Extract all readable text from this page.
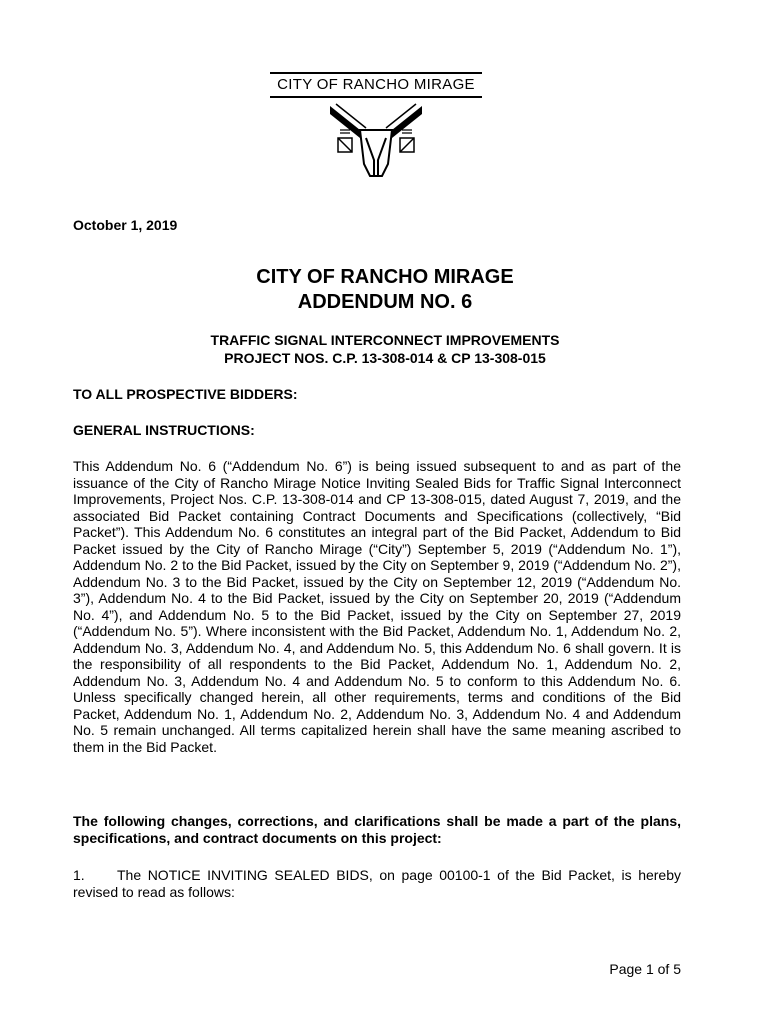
CITY OF RANCHO MIRAGE
October 1, 2019
CITY OF RANCHO MIRAGE
ADDENDUM NO. 6
TRAFFIC SIGNAL INTERCONNECT IMPROVEMENTS
PROJECT NOS. C.P. 13-308-014 & CP 13-308-015
TO ALL PROSPECTIVE BIDDERS:
GENERAL INSTRUCTIONS:
This Addendum No. 6 (“Addendum No. 6”) is being issued subsequent to and as part of the issuance of the City of Rancho Mirage Notice Inviting Sealed Bids for Traffic Signal Interconnect Improvements, Project Nos. C.P. 13-308-014 and CP 13-308-015, dated August 7, 2019, and the associated Bid Packet containing Contract Documents and Specifications (collectively, “Bid Packet”). This Addendum No. 6 constitutes an integral part of the Bid Packet, Addendum to Bid Packet issued by the City of Rancho Mirage (“City”) September 5, 2019 (“Addendum No. 1”), Addendum No. 2 to the Bid Packet, issued by the City on September 9, 2019 (“Addendum No. 2”), Addendum No. 3 to the Bid Packet, issued by the City on September 12, 2019 (“Addendum No. 3”), Addendum No. 4 to the Bid Packet, issued by the City on September 20, 2019 (“Addendum No. 4”), and Addendum No. 5 to the Bid Packet, issued by the City on September 27, 2019 (“Addendum No. 5”). Where inconsistent with the Bid Packet, Addendum No. 1, Addendum No. 2, Addendum No. 3, Addendum No. 4, and Addendum No. 5, this Addendum No. 6 shall govern. It is the responsibility of all respondents to the Bid Packet, Addendum No. 1, Addendum No. 2, Addendum No. 3, Addendum No. 4 and Addendum No. 5 to conform to this Addendum No. 6. Unless specifically changed herein, all other requirements, terms and conditions of the Bid Packet, Addendum No. 1, Addendum No. 2, Addendum No. 3, Addendum No. 4 and Addendum No. 5 remain unchanged. All terms capitalized herein shall have the same meaning ascribed to them in the Bid Packet.
The following changes, corrections, and clarifications shall be made a part of the plans, specifications, and contract documents on this project:
1. The NOTICE INVITING SEALED BIDS, on page 00100-1 of the Bid Packet, is hereby revised to read as follows:
Page 1 of 5
